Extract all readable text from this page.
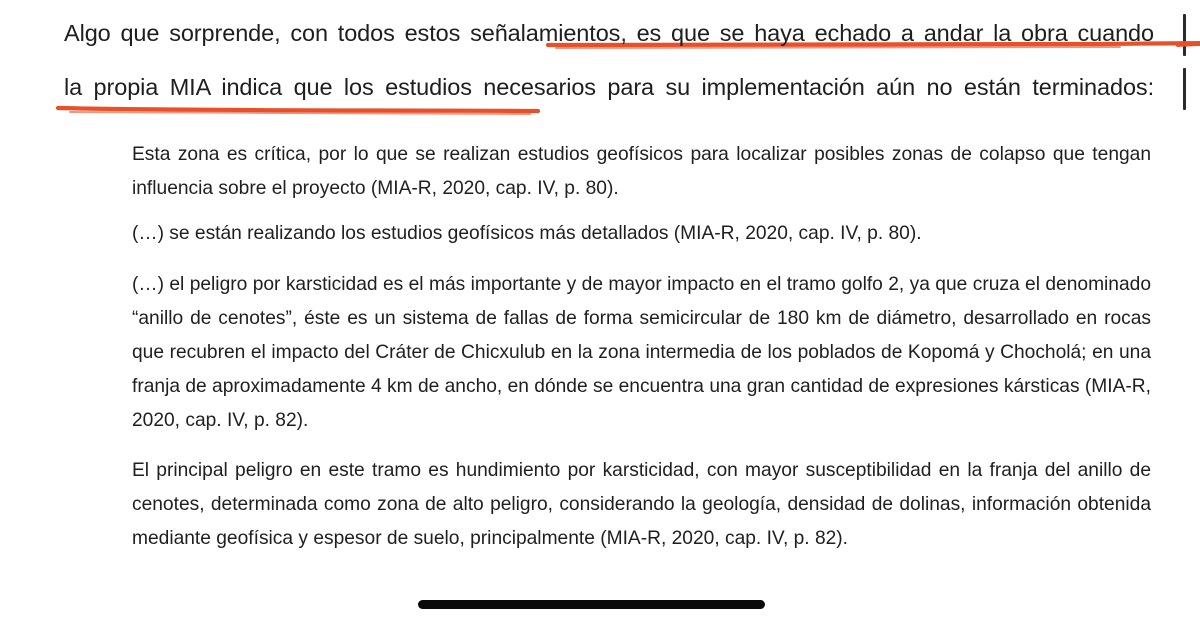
Algo que sorprende, con todos estos señalamientos, es que se haya echado a andar la obra cuando
la propia MIA indica que los estudios necesarios para su implementación aún no están terminados:
Esta zona es crítica, por lo que se realizan estudios geofísicos para localizar posibles zonas de colapso que tengan influencia sobre el proyecto (MIA-R, 2020, cap. IV, p. 80).
(…) se están realizando los estudios geofísicos más detallados (MIA-R, 2020, cap. IV, p. 80).
(…) el peligro por karsticidad es el más importante y de mayor impacto en el tramo golfo 2, ya que cruza el denominado “anillo de cenotes”, éste es un sistema de fallas de forma semicircular de 180 km de diámetro, desarrollado en rocas que recubren el impacto del Cráter de Chicxulub en la zona intermedia de los poblados de Kopomá y Chocholá; en una franja de aproximadamente 4 km de ancho, en dónde se encuentra una gran cantidad de expresiones kársticas (MIA-R, 2020, cap. IV, p. 82).
El principal peligro en este tramo es hundimiento por karsticidad, con mayor susceptibilidad en la franja del anillo de cenotes, determinada como zona de alto peligro, considerando la geología, densidad de dolinas, información obtenida mediante geofísica y espesor de suelo, principalmente (MIA-R, 2020, cap. IV, p. 82).
